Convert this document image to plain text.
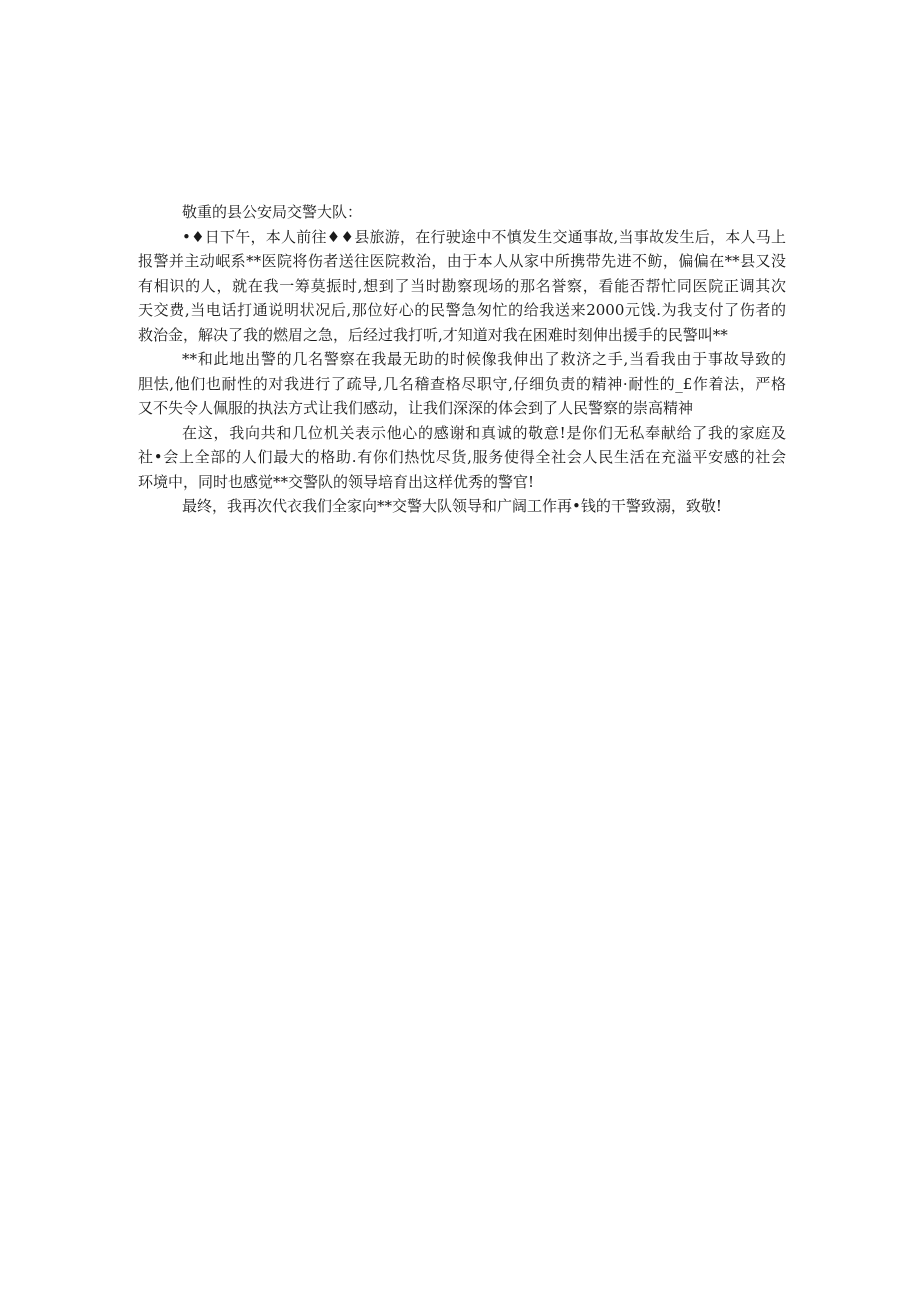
敬重的县公安局交警大队：
•♦日下午，本人前往♦♦县旅游，在行驶途中不慎发生交通事故,当事故发生后，本人马上
报警并主动岷系**医院将伤者送往医院救治，由于本人从家中所携带先进不鲂，偏偏在**县又没
有相识的人，就在我一筹莫振时,想到了当时勘察现场的那名誉察，看能否帮忙同医院正调其次
天交费,当电话打通说明状况后,那位好心的民警急匆忙的给我送来2000元饯.为我支付了伤者的
救治金，解决了我的燃眉之急，后经过我打听,才知道对我在困难时刻伸出援手的民警叫**
**和此地出警的几名警察在我最无助的时候像我伸出了救济之手,当看我由于事故导致的
胆怯,他们也耐性的对我进行了疏导,几名稽查格尽职守,仔细负责的精神·耐性的_£作着法，严格
又不失令人佩服的执法方式让我们感动，让我们深深的体会到了人民警察的崇高精神
在这，我向共和几位机关表示他心的感谢和真诚的敬意!是你们无私奉献给了我的家庭及
社•会上全部的人们最大的格助.有你们热忱尽货,服务使得全社会人民生活在充溢平安感的社会
环境中，同时也感觉**交警队的领导培育出这样优秀的警官!
最终，我再次代衣我们全家向**交警大队领导和广阔工作再•钱的干警致溺，致敬!
